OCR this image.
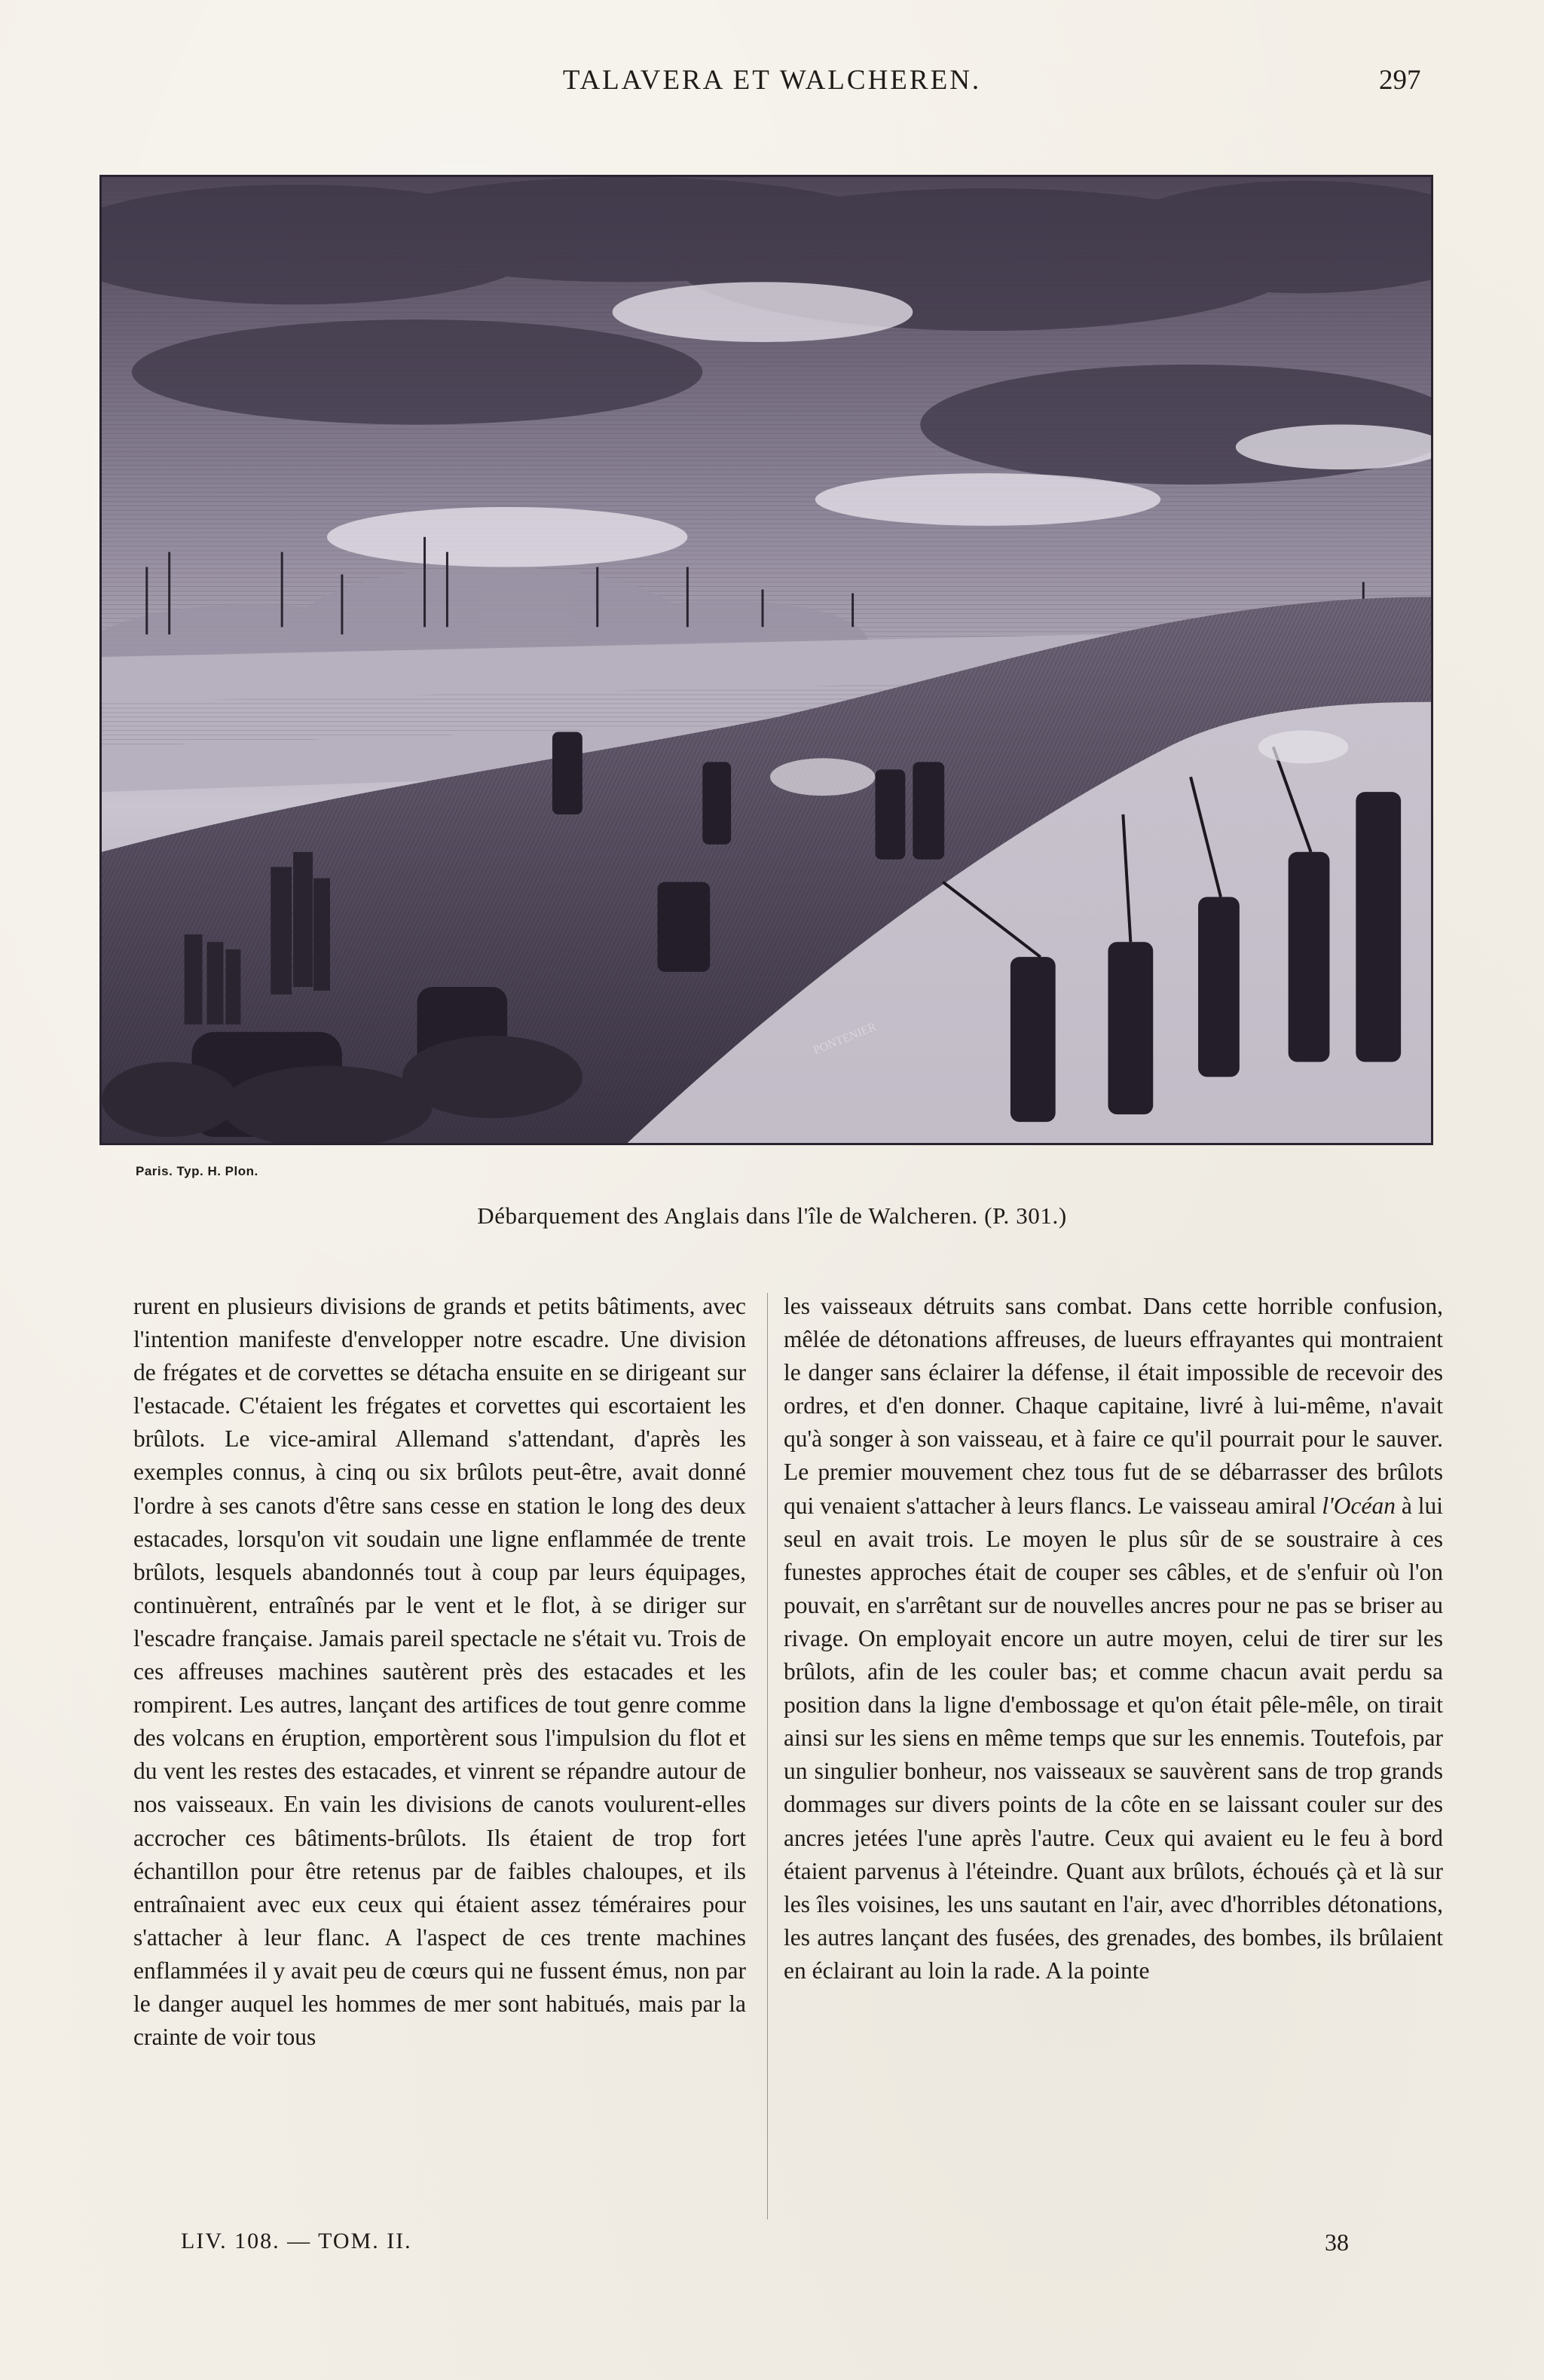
TALAVERA ET WALCHEREN.	297
PONTENIER
Paris. Typ. H. Plon.
Débarquement des Anglais dans l'île de Walcheren. (P. 301.)

rurent en plusieurs divisions de grands et petits bâtiments, avec l'intention manifeste d'envelopper notre escadre. Une division de frégates et de corvettes se détacha ensuite en se dirigeant sur l'estacade. C'étaient les frégates et corvettes qui escortaient les brûlots. Le vice-amiral Allemand s'attendant, d'après les exemples connus, à cinq ou six brûlots peut-être, avait donné l'ordre à ses canots d'être sans cesse en station le long des deux estacades, lorsqu'on vit soudain une ligne enflammée de trente brûlots, lesquels abandonnés tout à coup par leurs équipages, continuèrent, entraînés par le vent et le flot, à se diriger sur l'escadre française. Jamais pareil spectacle ne s'était vu. Trois de ces affreuses machines sautèrent près des estacades et les rompirent. Les autres, lançant des artifices de tout genre comme des volcans en éruption, emportèrent sous l'impulsion du flot et du vent les restes des estacades, et vinrent se répandre autour de nos vaisseaux. En vain les divisions de canots voulurent-elles accrocher ces bâtiments-brûlots. Ils étaient de trop fort échantillon pour être retenus par de faibles chaloupes, et ils entraînaient avec eux ceux qui étaient assez téméraires pour s'attacher à leur flanc. A l'aspect de ces trente machines enflammées il y avait peu de cœurs qui ne fussent émus, non par le danger auquel les hommes de mer sont habitués, mais par la crainte de voir tous

les vaisseaux détruits sans combat. Dans cette horrible confusion, mêlée de détonations affreuses, de lueurs effrayantes qui montraient le danger sans éclairer la défense, il était impossible de recevoir des ordres, et d'en donner. Chaque capitaine, livré à lui-même, n'avait qu'à songer à son vaisseau, et à faire ce qu'il pourrait pour le sauver. Le premier mouvement chez tous fut de se débarrasser des brûlots qui venaient s'attacher à leurs flancs. Le vaisseau amiral l'Océan à lui seul en avait trois. Le moyen le plus sûr de se soustraire à ces funestes approches était de couper ses câbles, et de s'enfuir où l'on pouvait, en s'arrêtant sur de nouvelles ancres pour ne pas se briser au rivage. On employait encore un autre moyen, celui de tirer sur les brûlots, afin de les couler bas; et comme chacun avait perdu sa position dans la ligne d'embossage et qu'on était pêle-mêle, on tirait ainsi sur les siens en même temps que sur les ennemis. Toutefois, par un singulier bonheur, nos vaisseaux se sauvèrent sans de trop grands dommages sur divers points de la côte en se laissant couler sur des ancres jetées l'une après l'autre. Ceux qui avaient eu le feu à bord étaient parvenus à l'éteindre. Quant aux brûlots, échoués çà et là sur les îles voisines, les uns sautant en l'air, avec d'horribles détonations, les autres lançant des fusées, des grenades, des bombes, ils brûlaient en éclairant au loin la rade. A la pointe

LIV. 108. — TOM. II.	38
